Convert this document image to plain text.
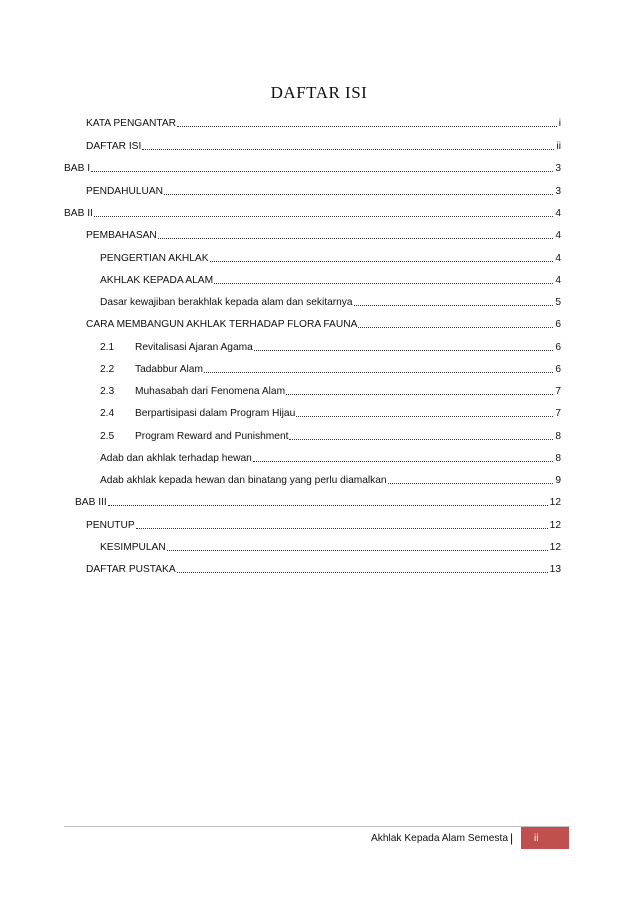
DAFTAR ISI
KATA PENGANTAR	i
DAFTAR ISI	ii
BAB I	3
PENDAHULUAN	3
BAB II	4
PEMBAHASAN	4
PENGERTIAN AKHLAK	4
AKHLAK KEPADA ALAM	4
Dasar kewajiban berakhlak kepada alam dan sekitarnya	5
CARA MEMBANGUN AKHLAK TERHADAP FLORA FAUNA	6
2.1	Revitalisasi Ajaran Agama	6
2.2	Tadabbur Alam	6
2.3	Muhasabah dari Fenomena Alam	7
2.4	Berpartisipasi dalam Program Hijau	7
2.5	Program Reward and Punishment	8
Adab dan akhlak terhadap hewan	8
Adab akhlak kepada hewan dan binatang yang perlu diamalkan	9
BAB III	12
PENUTUP	12
KESIMPULAN	12
DAFTAR PUSTAKA	13
Akhlak Kepada Alam Semesta |	ii
